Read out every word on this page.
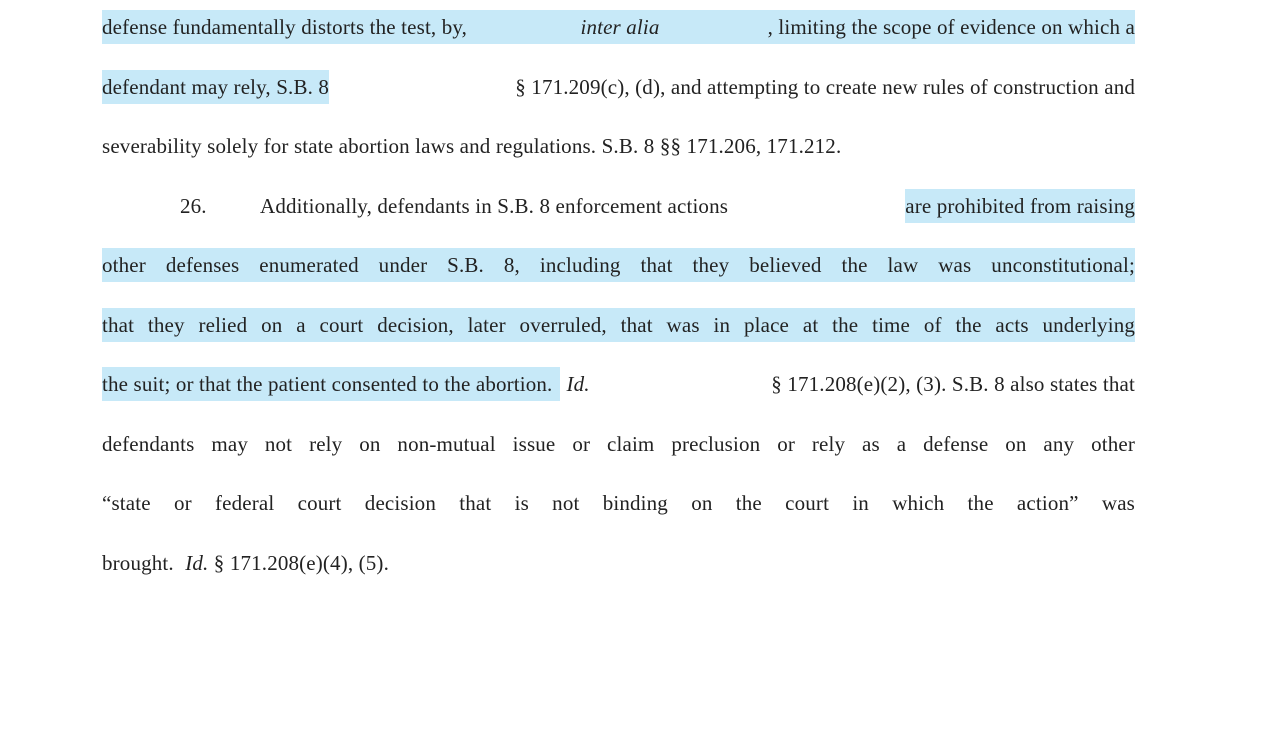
defense fundamentally distorts the test, by,	inter alia	, limiting the scope of evidence on which a
defendant may rely, S.B. 8	§ 171.209(c), (d), and attempting to create new rules of construction and
severability solely for state abortion laws and regulations. S.B. 8 §§ 171.206, 171.212.
26.	Additionally, defendants in S.B. 8 enforcement actions	are prohibited from raising
other defenses enumerated under S.B. 8, including that they believed the law was unconstitutional;
that they relied on a court decision, later overruled, that was in place at the time of the acts underlying
the suit; or that the patient consented to the abortion. Id.	§ 171.208(e)(2), (3). S.B. 8 also states that
defendants may not rely on non-mutual issue or claim preclusion or rely as a defense on any other
“state or federal court decision that is not binding on the court in which the action” was
brought. Id. § 171.208(e)(4), (5).
